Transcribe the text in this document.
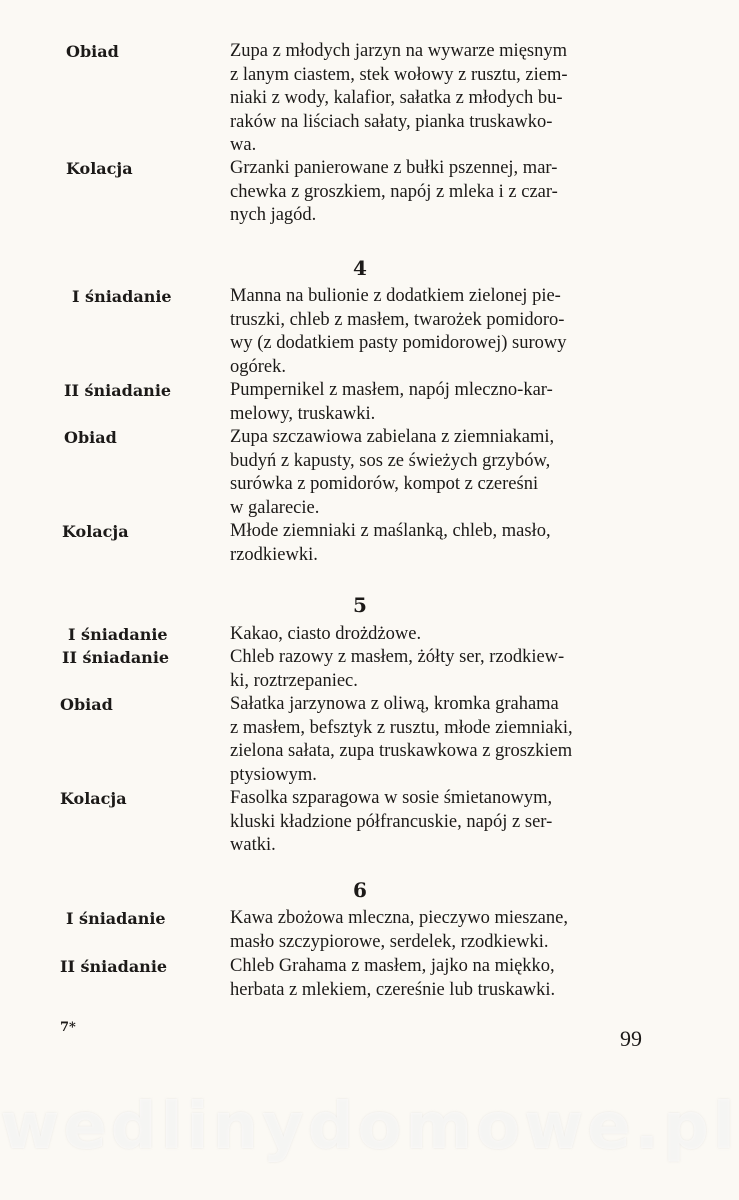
Obiad	Zupa z młodych jarzyn na wywarze mięsnym
z lanym ciastem, stek wołowy z rusztu, ziem-
niaki z wody, kalafior, sałatka z młodych bu-
raków na liściach sałaty, pianka truskawko-
wa.
Kolacja	Grzanki panierowane z bułki pszennej, mar-
chewka z groszkiem, napój z mleka i z czar-
nych jagód.
4
I śniadanie	Manna na bulionie z dodatkiem zielonej pie-
truszki, chleb z masłem, twarożek pomidoro-
wy (z dodatkiem pasty pomidorowej) surowy
ogórek.
II śniadanie	Pumpernikel z masłem, napój mleczno-kar-
melowy, truskawki.
Obiad	Zupa szczawiowa zabielana z ziemniakami,
budyń z kapusty, sos ze świeżych grzybów,
surówka z pomidorów, kompot z czereśni
w galarecie.
Kolacja	Młode ziemniaki z maślanką, chleb, masło,
rzodkiewki.
5
I śniadanie	Kakao, ciasto drożdżowe.
II śniadanie	Chleb razowy z masłem, żółty ser, rzodkiew-
ki, roztrzepaniec.
Obiad	Sałatka jarzynowa z oliwą, kromka grahama
z masłem, befsztyk z rusztu, młode ziemniaki,
zielona sałata, zupa truskawkowa z groszkiem
ptysiowym.
Kolacja	Fasolka szparagowa w sosie śmietanowym,
kluski kładzione półfrancuskie, napój z ser-
watki.
6
I śniadanie	Kawa zbożowa mleczna, pieczywo mieszane,
masło szczypiorowe, serdelek, rzodkiewki.
II śniadanie	Chleb Grahama z masłem, jajko na miękko,
herbata z mlekiem, czereśnie lub truskawki.
7*	99
wedlinydomowe.pl
